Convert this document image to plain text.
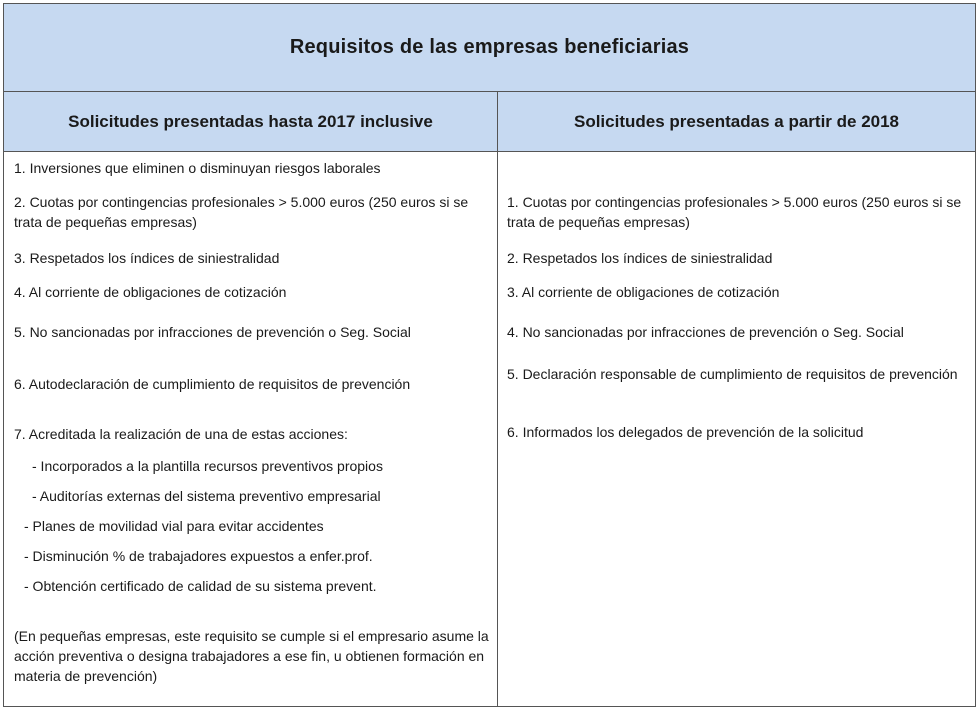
Requisitos de las empresas beneficiarias
Solicitudes presentadas hasta 2017 inclusive	Solicitudes presentadas a partir de 2018
1. Inversiones que eliminen o disminuyan riesgos laborales
2. Cuotas por contingencias profesionales > 5.000 euros (250 euros si se trata de pequeñas empresas)
3. Respetados los índices de siniestralidad
4. Al corriente de obligaciones de cotización
5. No sancionadas por infracciones de prevención o Seg. Social
6. Autodeclaración de cumplimiento de requisitos de prevención
7. Acreditada la realización de una de estas acciones:
- Incorporados a la plantilla recursos preventivos propios
- Auditorías externas del sistema preventivo empresarial
- Planes de movilidad vial para evitar accidentes
- Disminución % de trabajadores expuestos a enfer.prof.
- Obtención certificado de calidad de su sistema prevent.
(En pequeñas empresas, este requisito se cumple si el empresario asume la acción preventiva o designa trabajadores a ese fin, u obtienen formación en materia de prevención)
1. Cuotas por contingencias profesionales > 5.000 euros (250 euros si se trata de pequeñas empresas)
2. Respetados los índices de siniestralidad
3. Al corriente de obligaciones de cotización
4. No sancionadas por infracciones de prevención o Seg. Social
5. Declaración responsable de cumplimiento de requisitos de prevención
6. Informados los delegados de prevención de la solicitud
